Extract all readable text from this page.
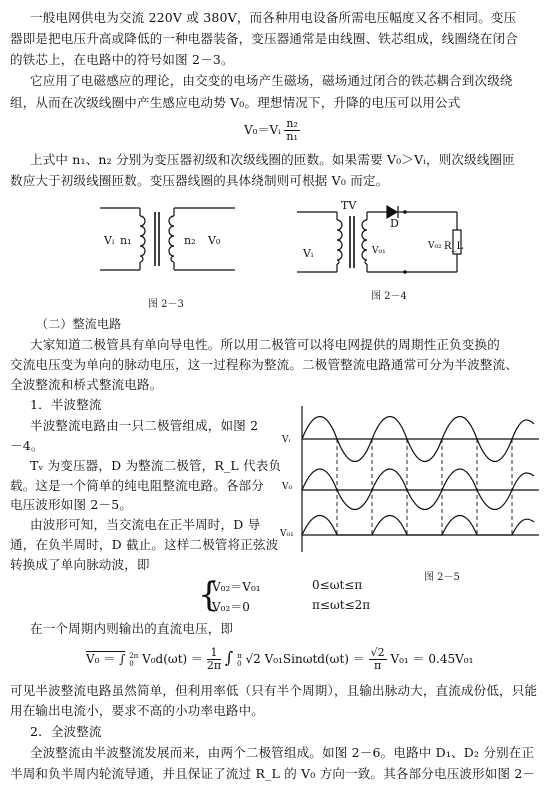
一般电网供电为交流 220V 或 380V，而各种用电设备所需电压幅度又各不相同。变压
器即是把电压升高或降低的一种电器装备，变压器通常是由线圈、铁芯组成，线圈绕在闭合
的铁芯上，在电路中的符号如图 2－3。
它应用了电磁感应的理论，由交变的电场产生磁场，磁场通过闭合的铁芯耦合到次级绕
组，从而在次级线圈中产生感应电动势 V₀。理想情况下，升降的电压可以用公式
V₀＝Vᵢ $\frac{\text{n₂}}{\text{n₁}}$
上式中 n₁、n₂ 分别为变压器初级和次级线圈的匝数。如果需要 V₀＞Vᵢ，则次级线圈匝
数应大于初级线圈匝数。变压器线圈的具体绕制则可根据 V₀ 而定。
Vᵢ n₁	n₂ V₀
图 2－3
TV
D
Vᵢ	V₀₁	V₀₂ R_L
图 2－4
（二）整流电路
大家知道二极管具有单向导电性。所以用二极管可以将电网提供的周期性正负变换的
交流电压变为单向的脉动电压，这一过程称为整流。二极管整流电路通常可分为半波整流、
全波整流和桥式整流电路。
1．半波整流
半波整流电路由一只二极管组成，如图 2
－4。
Tᵥ 为变压器，D 为整流二极管，R_L 代表负
载。这是一个简单的纯电阻整流电路。各部分
电压波形如图 2－5。
由波形可知，当交流电在正半周时，D 导
通，在负半周时，D 截止。这样二极管将正弦波
转换成了单向脉动波，即
Vᵢ
V₀
V₀₁
图 2－5
{
V₀₂＝V₀₁	0≤ωt≤π
V₀₂＝0	π≤ωt≤2π
在一个周期内则输出的直流电压，即
V₀ ＝ ∫ 2π
0 $V_0d(\omega t) = \frac{1}{2\pi}$ ∫ π
0 √2 $V_{01}Sin\omega td(\omega t) = \frac{√2}{\pi} V_{01} = 0.45V_{01}$
可见半波整流电路虽然简单，但利用率低（只有半个周期），且输出脉动大，直流成份低，只能
用在输出电流小，要求不高的小功率电路中。
2．全波整流
全波整流由半波整流发展而来，由两个二极管组成。如图 2－6。电路中 D₁、D₂ 分别在正
半周和负半周内轮流导通，并且保证了流过 R_L 的 V₀ 方向一致。其各部分电压波形如图 2－
